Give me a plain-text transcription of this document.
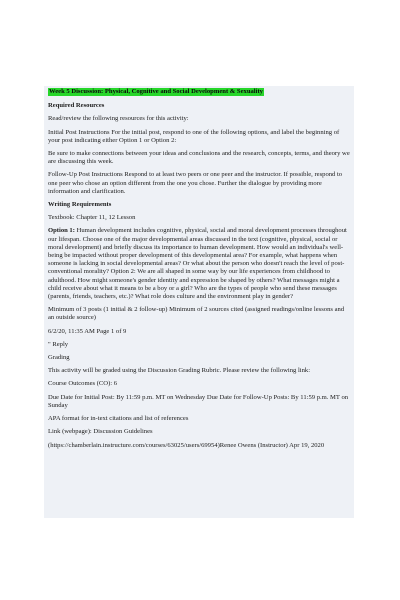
Week 5 Discussion: Physical, Cognitive and Social Development & Sexuality

Required Resources

Read/review the following resources for this activity:

Initial Post Instructions For the initial post, respond to one of the following options, and label the beginning of your post indicating either Option 1 or Option 2:

Be sure to make connections between your ideas and conclusions and the research, concepts, terms, and theory we are discussing this week.

Follow-Up Post Instructions Respond to at least two peers or one peer and the instructor. If possible, respond to one peer who chose an option different from the one you chose. Further the dialogue by providing more information and clarification.

Writing Requirements

Textbook: Chapter 11, 12 Lesson

Option 1: Human development includes cognitive, physical, social and moral development processes throughout our lifespan. Choose one of the major developmental areas discussed in the text (cognitive, physical, social or moral development) and briefly discuss its importance to human development. How would an individual's well-being be impacted without proper development of this developmental area? For example, what happens when someone is lacking in social developmental areas? Or what about the person who doesn't reach the level of post-conventional morality? Option 2: We are all shaped in some way by our life experiences from childhood to adulthood. How might someone's gender identity and expression be shaped by others? What messages might a child receive about what it means to be a boy or a girl? Who are the types of people who send these messages (parents, friends, teachers, etc.)? What role does culture and the environment play in gender?

Minimum of 3 posts (1 initial & 2 follow-up) Minimum of 2 sources cited (assigned readings/online lessons and an outside source)

6/2/20, 11:35 AM Page 1 of 9

" Reply

Grading

This activity will be graded using the Discussion Grading Rubric. Please review the following link:

Course Outcomes (CO): 6

Due Date for Initial Post: By 11:59 p.m. MT on Wednesday Due Date for Follow-Up Posts: By 11:59 p.m. MT on Sunday

APA format for in-text citations and list of references

Link (webpage): Discussion Guidelines

(https://chamberlain.instructure.com/courses/63025/users/69954)Renee Owens (Instructor) Apr 19, 2020
